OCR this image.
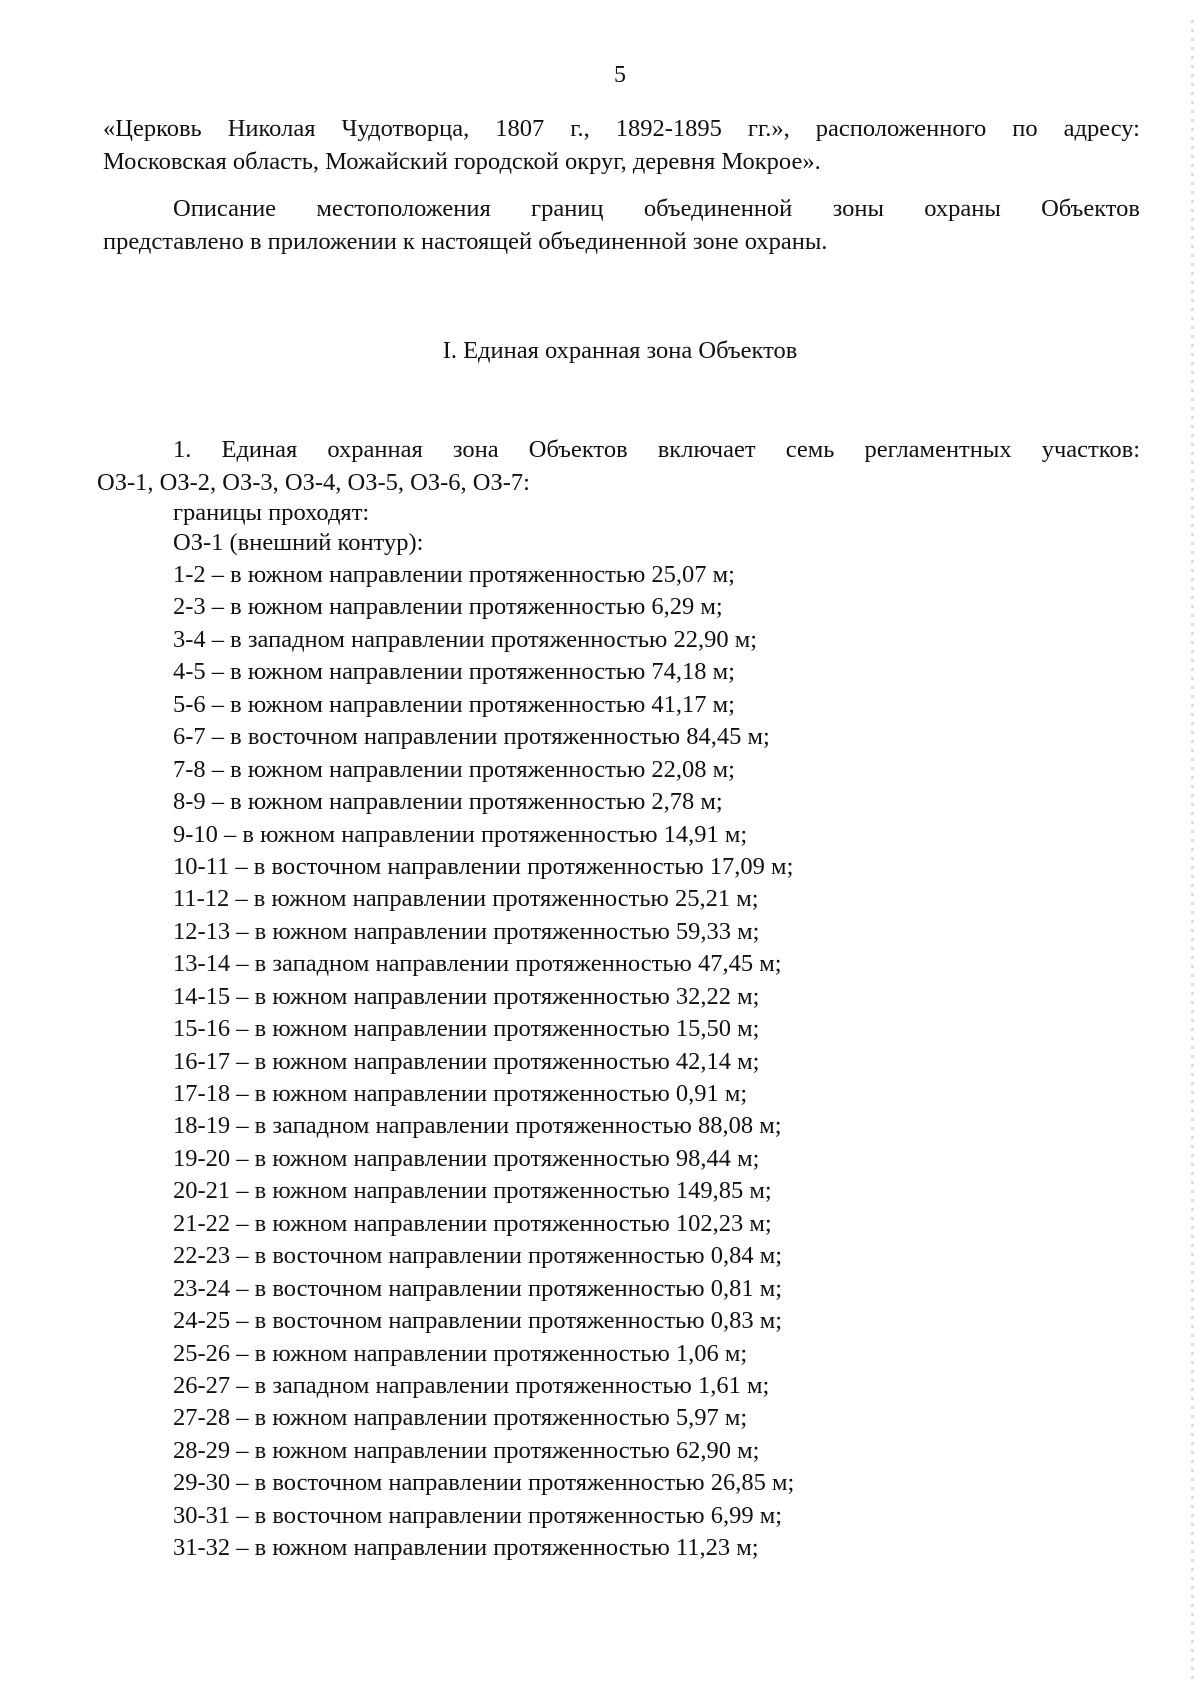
5
«Церковь Николая Чудотворца, 1807 г., 1892-1895 гг.», расположенного по адресу:
Московская область, Можайский городской округ, деревня Мокрое».
Описание местоположения границ объединенной зоны охраны Объектов
представлено в приложении к настоящей объединенной зоне охраны.
I. Единая охранная зона Объектов
1. Единая охранная зона Объектов включает семь регламентных участков:
ОЗ-1, ОЗ-2, ОЗ-3, ОЗ-4, ОЗ-5, ОЗ-6, ОЗ-7:
границы проходят:
ОЗ-1 (внешний контур):
1-2 – в южном направлении протяженностью 25,07 м;
2-3 – в южном направлении протяженностью 6,29 м;
3-4 – в западном направлении протяженностью 22,90 м;
4-5 – в южном направлении протяженностью 74,18 м;
5-6 – в южном направлении протяженностью 41,17 м;
6-7 – в восточном направлении протяженностью 84,45 м;
7-8 – в южном направлении протяженностью 22,08 м;
8-9 – в южном направлении протяженностью 2,78 м;
9-10 – в южном направлении протяженностью 14,91 м;
10-11 – в восточном направлении протяженностью 17,09 м;
11-12 – в южном направлении протяженностью 25,21 м;
12-13 – в южном направлении протяженностью 59,33 м;
13-14 – в западном направлении протяженностью 47,45 м;
14-15 – в южном направлении протяженностью 32,22 м;
15-16 – в южном направлении протяженностью 15,50 м;
16-17 – в южном направлении протяженностью 42,14 м;
17-18 – в южном направлении протяженностью 0,91 м;
18-19 – в западном направлении протяженностью 88,08 м;
19-20 – в южном направлении протяженностью 98,44 м;
20-21 – в южном направлении протяженностью 149,85 м;
21-22 – в южном направлении протяженностью 102,23 м;
22-23 – в восточном направлении протяженностью 0,84 м;
23-24 – в восточном направлении протяженностью 0,81 м;
24-25 – в восточном направлении протяженностью 0,83 м;
25-26 – в южном направлении протяженностью 1,06 м;
26-27 – в западном направлении протяженностью 1,61 м;
27-28 – в южном направлении протяженностью 5,97 м;
28-29 – в южном направлении протяженностью 62,90 м;
29-30 – в восточном направлении протяженностью 26,85 м;
30-31 – в восточном направлении протяженностью 6,99 м;
31-32 – в южном направлении протяженностью 11,23 м;
